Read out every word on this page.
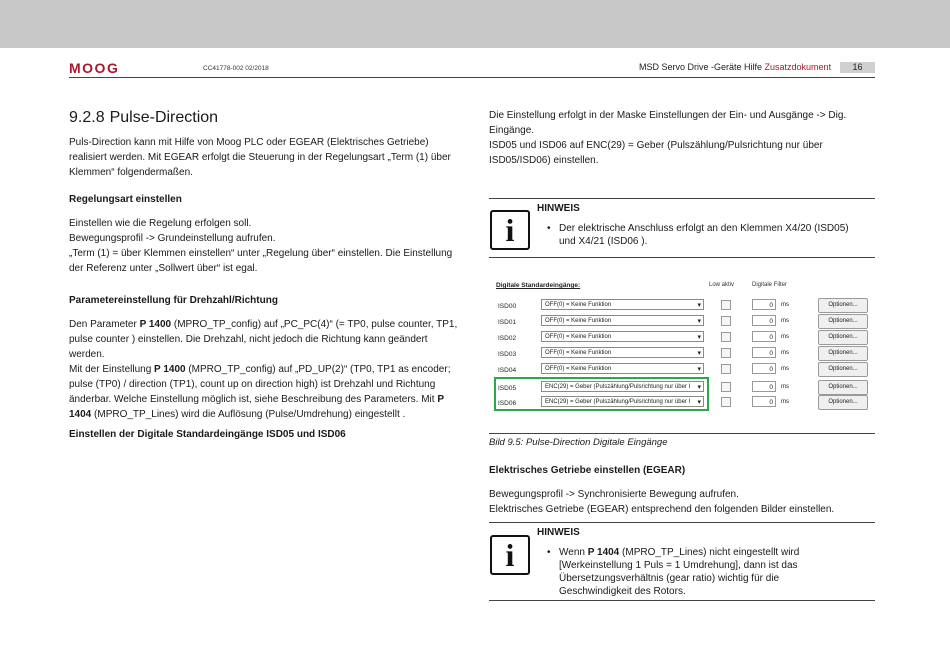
MOOG	CC41778-002 02/2018	MSD Servo Drive -Geräte Hilfe Zusatzdokument	16
9.2.8 Pulse-Direction

Puls-Direction kann mit Hilfe von Moog PLC oder EGEAR (Elektrisches Getriebe) realisiert werden. Mit EGEAR erfolgt die Steuerung in der Regelungsart „Term (1) über Klemmen“ folgendermaßen.

Regelungsart einstellen

Einstellen wie die Regelung erfolgen soll.

Bewegungsprofil -> Grundeinstellung aufrufen.

„Term (1) = über Klemmen einstellen“ unter „Regelung über“ einstellen. Die Einstellung der Referenz unter „Sollwert über“ ist egal.

Parametereinstellung für Drehzahl/Richtung

Den Parameter P 1400 (MPRO_TP_config) auf „PC_PC(4)“ (= TP0, pulse counter, TP1, pulse counter ) einstellen. Die Drehzahl, nicht jedoch die Richtung kann geändert werden.

Mit der Einstellung P 1400 (MPRO_TP_config) auf „PD_UP(2)“ (TP0, TP1 as encoder; pulse (TP0) / direction (TP1), count up on direction high) ist Drehzahl und Richtung änderbar. Welche Einstellung möglich ist, siehe Beschreibung des Parameters. Mit P 1404 (MPRO_TP_Lines) wird die Auflösung (Pulse/Umdrehung) eingestellt .

Einstellen der Digitale Standardeingänge ISD05 und ISD06

Die Einstellung erfolgt in der Maske Einstellungen der Ein- und Ausgänge -> Dig. Eingänge.

ISD05 und ISD06 auf ENC(29) = Geber (Pulszählung/Pulsrichtung nur über ISD05/ISD06) einstellen.

i
HINWEIS
• Der elektrische Anschluss erfolgt an den Klemmen X4/20 (ISD05) und X4/21 (ISD06 ).
Digitale Standardeingänge:	Low aktiv	Digitale Filter
ISD00	OFF(0) = Keine Funktion ▾	0	ms	Optionen...
ISD01	OFF(0) = Keine Funktion ▾	0	ms	Optionen...
ISD02	OFF(0) = Keine Funktion ▾	0	ms	Optionen...
ISD03	OFF(0) = Keine Funktion ▾	0	ms	Optionen...
ISD04	OFF(0) = Keine Funktion ▾	0	ms	Optionen...
ISD05	ENC(29) = Geber (Pulszählung/Pulsrichtung nur über I ▾	0	ms	Optionen...
ISD06	ENC(29) = Geber (Pulszählung/Pulsrichtung nur über I ▾	0	ms	Optionen...
Bild 9.5: Pulse-Direction Digitale Eingänge

Elektrisches Getriebe einstellen (EGEAR)

Bewegungsprofil -> Synchronisierte Bewegung aufrufen.

Elektrisches Getriebe (EGEAR) entsprechend den folgenden Bilder einstellen.

i
HINWEIS
• Wenn P 1404 (MPRO_TP_Lines) nicht eingestellt wird [Werkeinstellung 1 Puls = 1 Umdrehung], dann ist das Übersetzungsverhältnis (gear ratio) wichtig für die Geschwindigkeit des Rotors.
